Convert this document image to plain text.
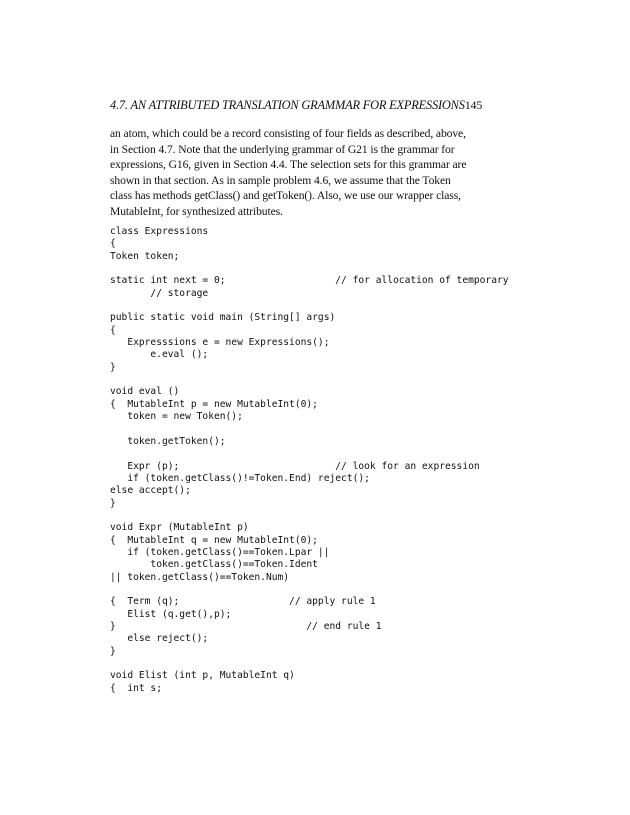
4.7. AN ATTRIBUTED TRANSLATION GRAMMAR FOR EXPRESSIONS145
an atom, which could be a record consisting of four fields as described, above,
in Section 4.7. Note that the underlying grammar of G21 is the grammar for
expressions, G16, given in Section 4.4. The selection sets for this grammar are
shown in that section. As in sample problem 4.6, we assume that the Token
class has methods getClass() and getToken(). Also, we use our wrapper class,
MutableInt, for synthesized attributes.
class Expressions
{
Token token;
static int next = 0;                   // for allocation of temporary
// storage
public static void main (String[] args)
{
Expresssions e = new Expressions();
e.eval ();
}
void eval ()
{  MutableInt p = new MutableInt(0);
token = new Token();
token.getToken();
Expr (p);                           // look for an expression
if (token.getClass()!=Token.End) reject();
else accept();
}
void Expr (MutableInt p)
{  MutableInt q = new MutableInt(0);
if (token.getClass()==Token.Lpar ||
token.getClass()==Token.Ident
|| token.getClass()==Token.Num)
{  Term (q);                   // apply rule 1
Elist (q.get(),p);
}                                 // end rule 1
else reject();
}
void Elist (int p, MutableInt q)
{  int s;
